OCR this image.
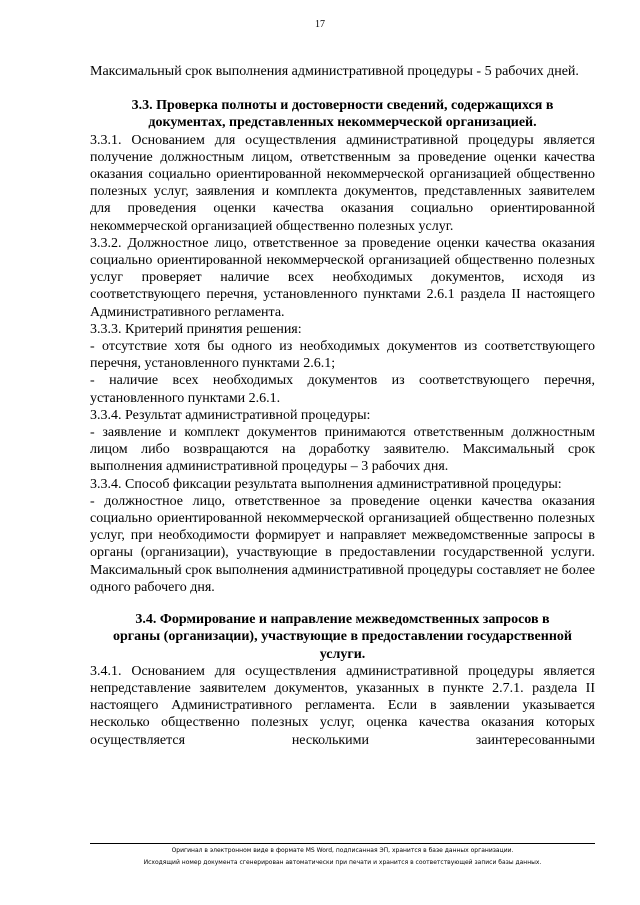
17

Максимальный срок выполнения административной процедуры - 5 рабочих дней.

3.3. Проверка полноты и достоверности сведений, содержащихся в

документах, представленных некоммерческой организацией.

3.3.1. Основанием для осуществления административной процедуры является получение должностным лицом, ответственным за проведение оценки качества оказания социально ориентированной некоммерческой организацией общественно полезных услуг, заявления и комплекта документов, представленных заявителем для проведения оценки качества оказания социально ориентированной некоммерческой организацией общественно полезных услуг.

3.3.2. Должностное лицо, ответственное за проведение оценки качества оказания социально ориентированной некоммерческой организацией общественно полезных услуг проверяет наличие всех необходимых документов, исходя из соответствующего перечня, установленного пунктами 2.6.1 раздела II настоящего Административного регламента.

3.3.3. Критерий принятия решения:

- отсутствие хотя бы одного из необходимых документов из соответствующего перечня, установленного пунктами 2.6.1;

- наличие всех необходимых документов из соответствующего перечня, установленного пунктами 2.6.1.

3.3.4. Результат административной процедуры:

- заявление и комплект документов принимаются ответственным должностным лицом либо возвращаются на доработку заявителю. Максимальный срок выполнения административной процедуры – 3 рабочих дня.

3.3.4. Способ фиксации результата выполнения административной процедуры:

- должностное лицо, ответственное за проведение оценки качества оказания социально ориентированной некоммерческой организацией общественно полезных услуг, при необходимости формирует и направляет межведомственные запросы в органы (организации), участвующие в предоставлении государственной услуги. Максимальный срок выполнения административной процедуры составляет не более одного рабочего дня.

3.4. Формирование и направление межведомственных запросов в

органы (организации), участвующие в предоставлении государственной

услуги.

3.4.1. Основанием для осуществления административной процедуры является непредставление заявителем документов, указанных в пункте 2.7.1. раздела II настоящего Административного регламента. Если в заявлении указывается несколько общественно полезных услуг, оценка качества оказания которых осуществляется несколькими заинтересованными

Оригинал в электронном виде в формате MS Word, подписанная ЭП, хранится в базе данных организации.
Исходящий номер документа сгенерирован автоматически при печати и хранится в соответствующей записи базы данных.
